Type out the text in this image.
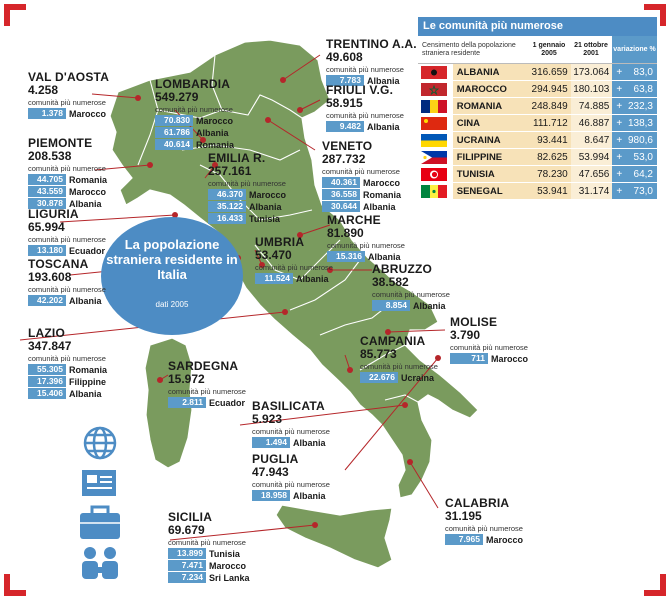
La popolazione straniera residente in Italia
dati 2005
VAL D'AOSTA
4.258
comunità più numerose
1.378 Marocco
LOMBARDIA
549.279
comunità più numerose
70.830 Marocco
61.786 Albania
40.614 Romania
TRENTINO A.A.
49.608
comunità più numerose
7.783 Albania
FRIULI V.G.
58.915
comunità più numerose
9.482 Albania
PIEMONTE
208.538
comunità più numerose
44.705 Romania
43.559 Marocco
30.878 Albania
EMILIA R.
257.161
comunità più numerose
46.370 Marocco
35.122 Albania
16.433 Tunisia
VENETO
287.732
comunità più numerose
40.361 Marocco
36.558 Romania
30.644 Albania
LIGURIA
65.994
comunità più numerose
13.180 Ecuador
MARCHE
81.890
comunità più numerose
15.316 Albania
UMBRIA
53.470
comunità più numerose
11.524 Albania
TOSCANA
193.608
comunità più numerose
42.202 Albania
ABRUZZO
38.582
comunità più numerose
8.854 Albania
LAZIO
347.847
comunità più numerose
55.305 Romania
17.396 Filippine
15.406 Albania
MOLISE
3.790
comunità più numerose
711 Marocco
CAMPANIA
85.773
comunità più numerose
22.676 Ucraina
SARDEGNA
15.972
comunità più numerose
2.811 Ecuador BASILICATA
5.923
comunità più numerose
1.494 Albania
PUGLIA
47.943
comunità più numerose
18.958 Albania
CALABRIA
31.195
comunità più numerose
7.965 Marocco
SICILIA
69.679
comunità più numerose
13.899 Tunisia
7.471 Marocco
7.234 Sri Lanka
Le comunità più numerose
Censimento della popolazione straniera residente
1 gennaio 2005
21 ottobre 2001
variazione %
ALBANIA	316.659 173.064 + 83,0
MAROCCO	294.945 180.103 + 63,8
ROMANIA	248.849	74.885 + 232,3
CINA	111.712	46.887 + 138,3
UCRAINA	93.441	8.647 + 980,6
FILIPPINE	82.625	53.994 + 53,0
TUNISIA	78.230	47.656 + 64,2
SENEGAL	53.941	31.174 + 73,0
